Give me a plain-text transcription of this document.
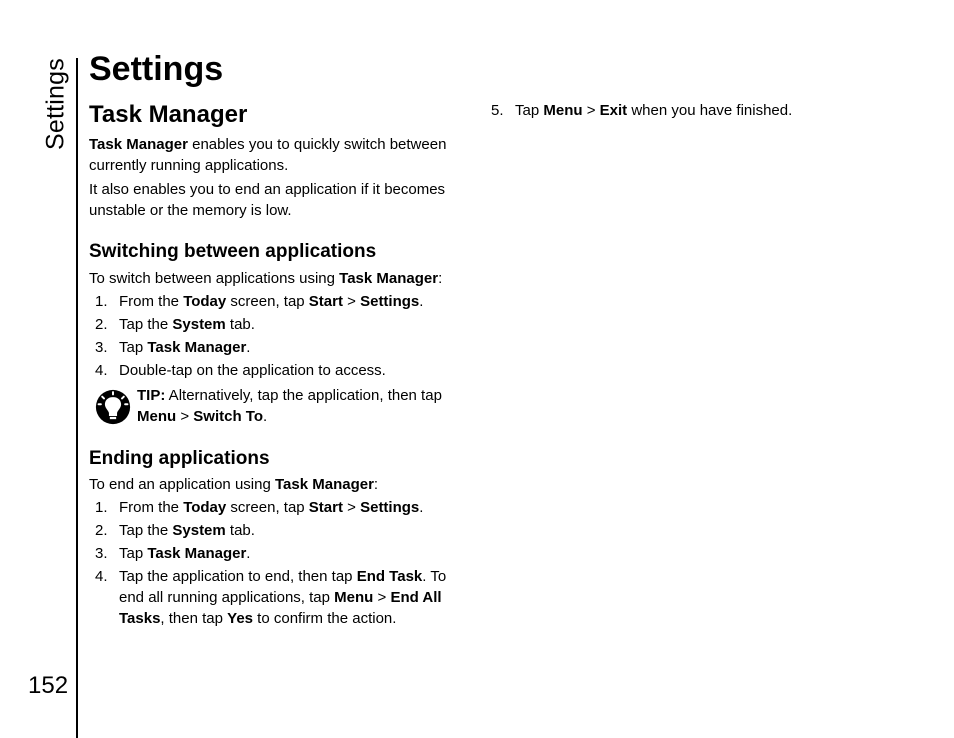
Settings
152
Settings
Task Manager

Task Manager enables you to quickly switch between currently running applications.

It also enables you to end an application if it becomes unstable or the memory is low.

Switching between applications

To switch between applications using Task Manager:

1. From the Today screen, tap Start > Settings.
2. Tap the System tab.
3. Tap Task Manager.
4. Double-tap on the application to access.

TIP: Alternatively, tap the application, then tap Menu > Switch To.

Ending applications

To end an application using Task Manager:

1. From the Today screen, tap Start > Settings.
2. Tap the System tab.
3. Tap Task Manager.
4. Tap the application to end, then tap End Task. To end all running applications, tap Menu > End All Tasks, then tap Yes to confirm the action.
5. Tap Menu > Exit when you have finished.
